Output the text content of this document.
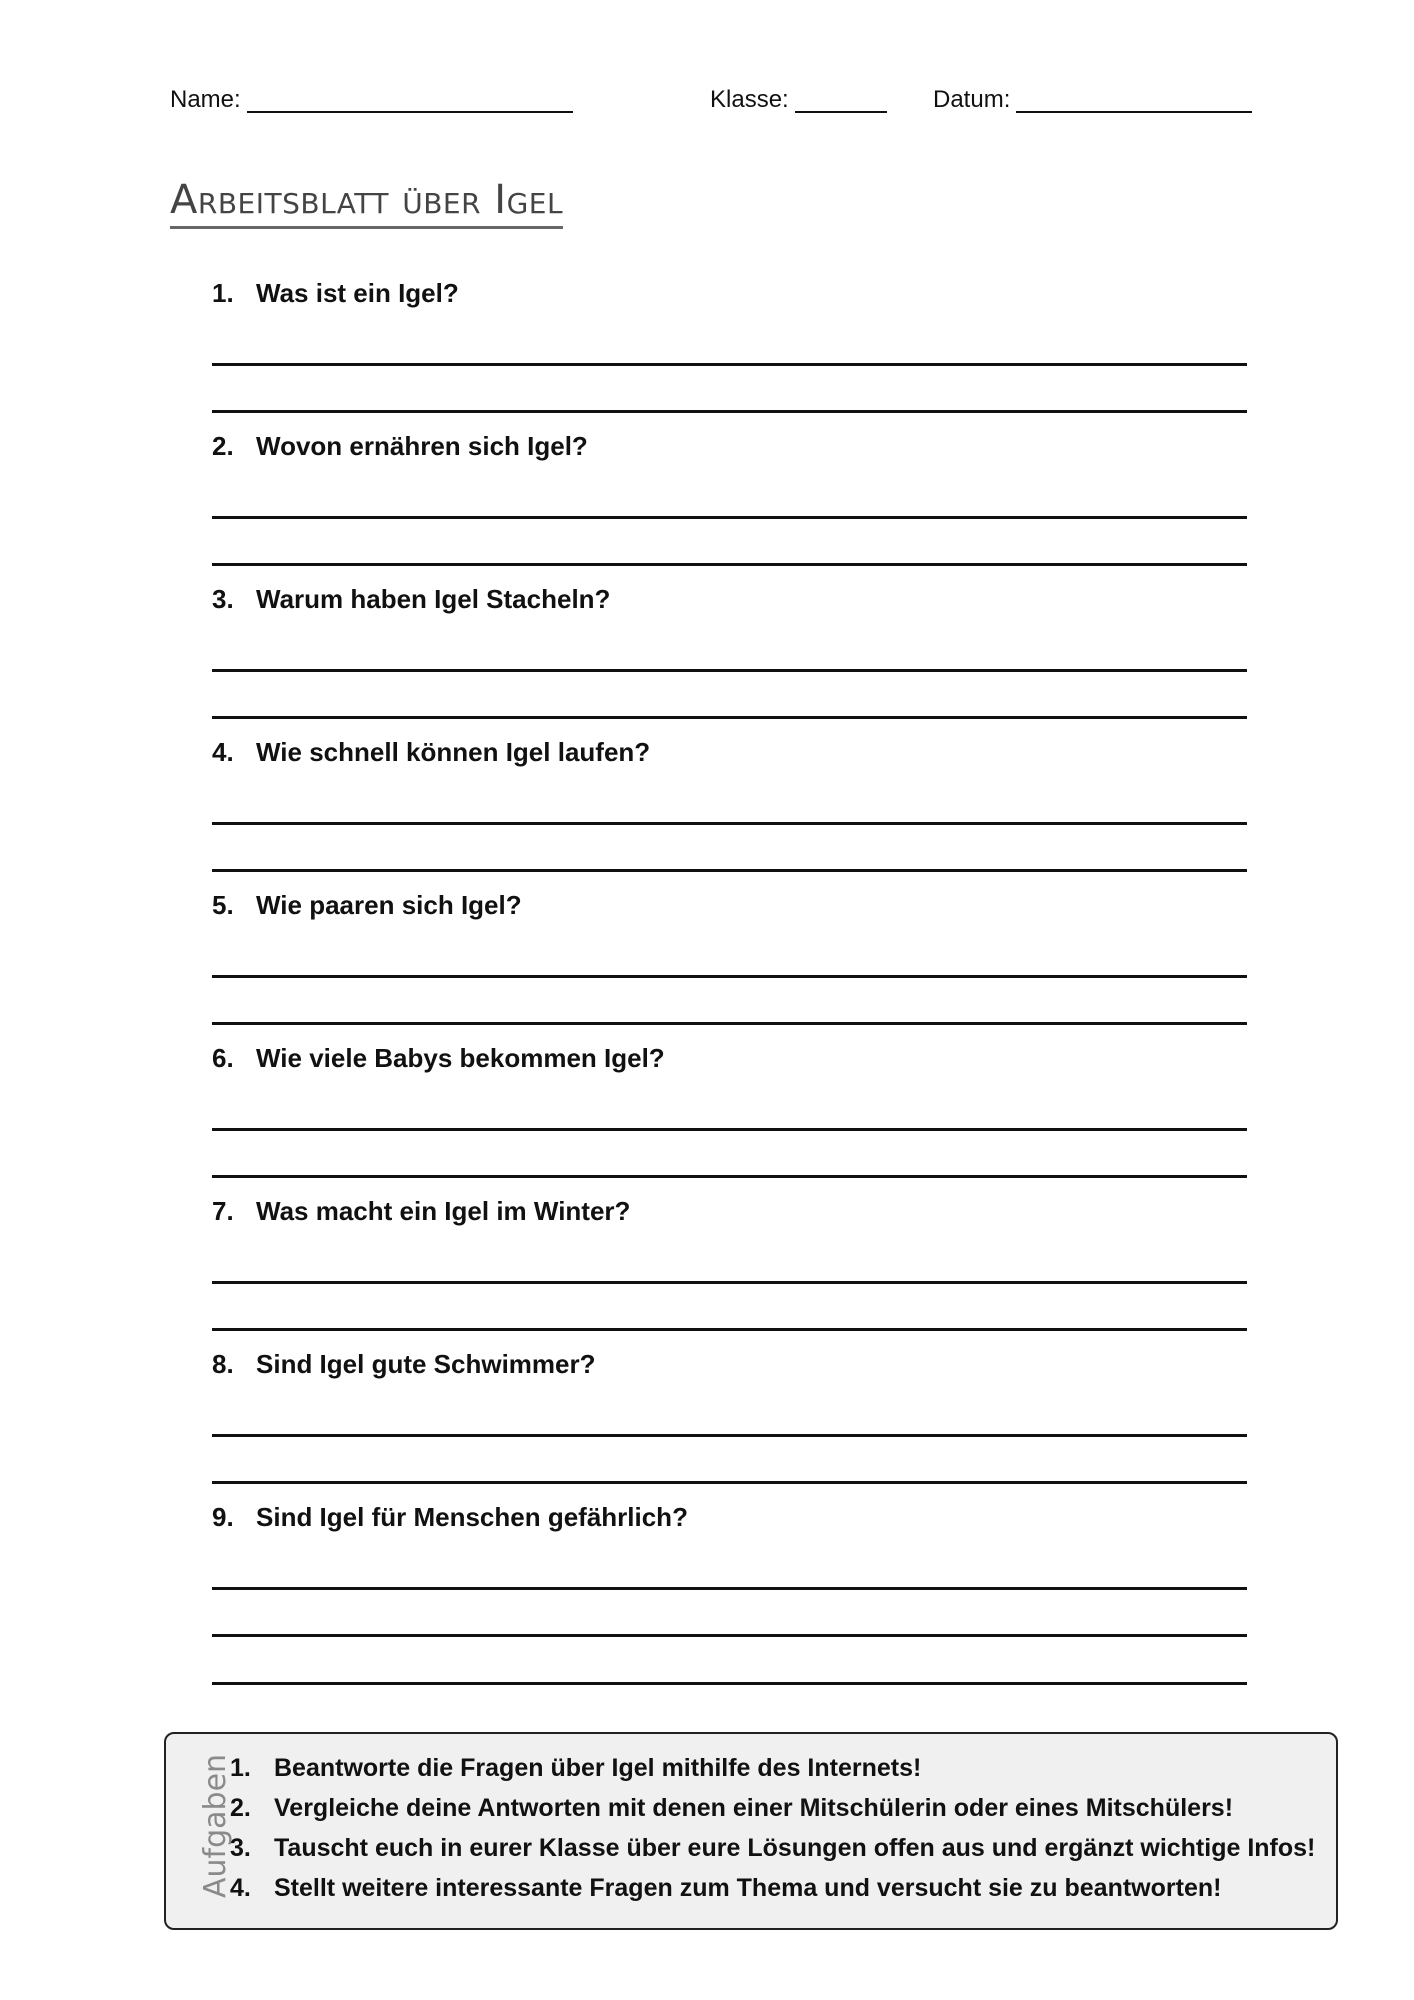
Name:	Klasse:	Datum:
Arbeitsblatt über Igel
1. Was ist ein Igel?
2. Wovon ernähren sich Igel?
3. Warum haben Igel Stacheln?
4. Wie schnell können Igel laufen?
5. Wie paaren sich Igel?
6. Wie viele Babys bekommen Igel?
7. Was macht ein Igel im Winter?
8. Sind Igel gute Schwimmer?
9. Sind Igel für Menschen gefährlich?
Aufgaben
1. Beantworte die Fragen über Igel mithilfe des Internets!
2. Vergleiche deine Antworten mit denen einer Mitschülerin oder eines Mitschülers!
3. Tauscht euch in eurer Klasse über eure Lösungen offen aus und ergänzt wichtige Infos!
4. Stellt weitere interessante Fragen zum Thema und versucht sie zu beantworten!
